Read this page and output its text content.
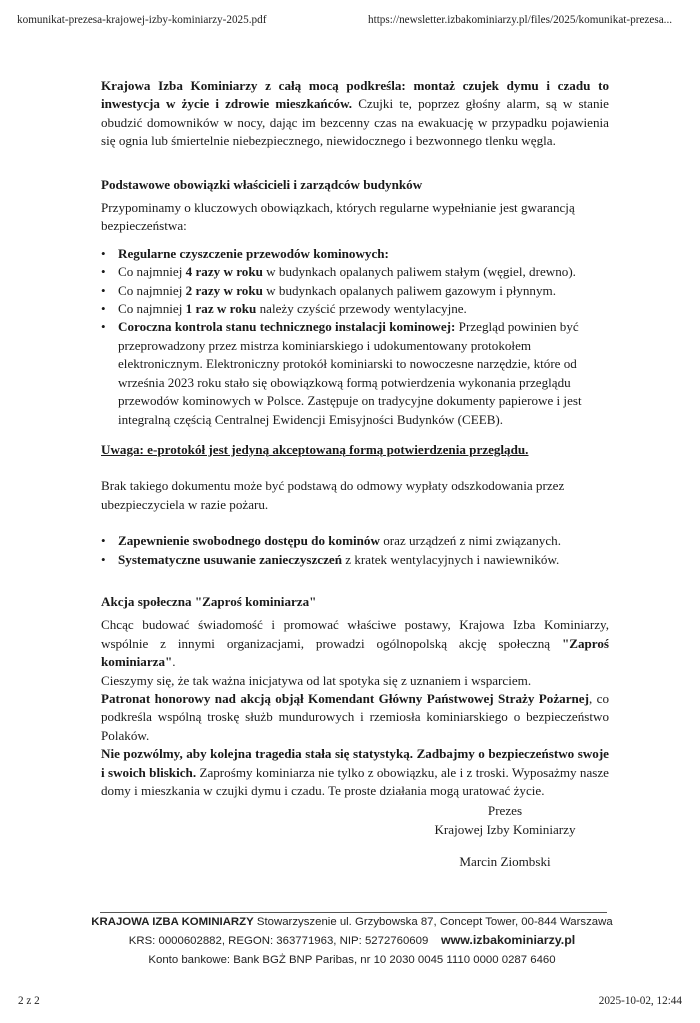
komunikat-prezesa-krajowej-izby-kominiarzy-2025.pdf	https://newsletter.izbakominiarzy.pl/files/2025/komunikat-prezesa...

Krajowa Izba Kominiarzy z całą mocą podkreśla: montaż czujek dymu i czadu to inwestycja w życie i zdrowie mieszkańców. Czujki te, poprzez głośny alarm, są w stanie obudzić domowników w nocy, dając im bezcenny czas na ewakuację w przypadku pojawienia się ognia lub śmiertelnie niebezpiecznego, niewidocznego i bezwonnego tlenku węgla.

Podstawowe obowiązki właścicieli i zarządców budynków

Przypominamy o kluczowych obowiązkach, których regularne wypełnianie jest gwarancją bezpieczeństwa:

• Regularne czyszczenie przewodów kominowych:
• Co najmniej 4 razy w roku w budynkach opalanych paliwem stałym (węgiel, drewno).
• Co najmniej 2 razy w roku w budynkach opalanych paliwem gazowym i płynnym.
• Co najmniej 1 raz w roku należy czyścić przewody wentylacyjne.
• Coroczna kontrola stanu technicznego instalacji kominowej: Przegląd powinien być przeprowadzony przez mistrza kominiarskiego i udokumentowany protokołem elektronicznym. Elektroniczny protokół kominiarski to nowoczesne narzędzie, które od września 2023 roku stało się obowiązkową formą potwierdzenia wykonania przeglądu przewodów kominowych w Polsce. Zastępuje on tradycyjne dokumenty papierowe i jest integralną częścią Centralnej Ewidencji Emisyjności Budynków (CEEB).

Uwaga: e-protokół jest jedyną akceptowaną formą potwierdzenia przeglądu.

Brak takiego dokumentu może być podstawą do odmowy wypłaty odszkodowania przez ubezpieczyciela w razie pożaru.

• Zapewnienie swobodnego dostępu do kominów oraz urządzeń z nimi związanych.
• Systematyczne usuwanie zanieczyszczeń z kratek wentylacyjnych i nawiewników.

Akcja społeczna "Zaproś kominiarza"

Chcąc budować świadomość i promować właściwe postawy, Krajowa Izba Kominiarzy, wspólnie z innymi organizacjami, prowadzi ogólnopolską akcję społeczną "Zaproś kominiarza".

Cieszymy się, że tak ważna inicjatywa od lat spotyka się z uznaniem i wsparciem.

Patronat honorowy nad akcją objął Komendant Główny Państwowej Straży Pożarnej, co podkreśla wspólną troskę służb mundurowych i rzemiosła kominiarskiego o bezpieczeństwo Polaków.

Nie pozwólmy, aby kolejna tragedia stała się statystyką. Zadbajmy o bezpieczeństwo swoje i swoich bliskich. Zaprośmy kominiarza nie tylko z obowiązku, ale i z troski. Wyposażmy nasze domy i mieszkania w czujki dymu i czadu. Te proste działania mogą uratować życie.

Prezes
Krajowej Izby Kominiarzy
Marcin Ziombski
KRAJOWA IZBA KOMINIARZY Stowarzyszenie ul. Grzybowska 87, Concept Tower, 00-844 Warszawa
KRS: 0000602882, REGON: 363771963, NIP: 5272760609 www.izbakominiarzy.pl
Konto bankowe: Bank BGŻ BNP Paribas, nr 10 2030 0045 1110 0000 0287 6460
2 z 2	2025-10-02, 12:44
